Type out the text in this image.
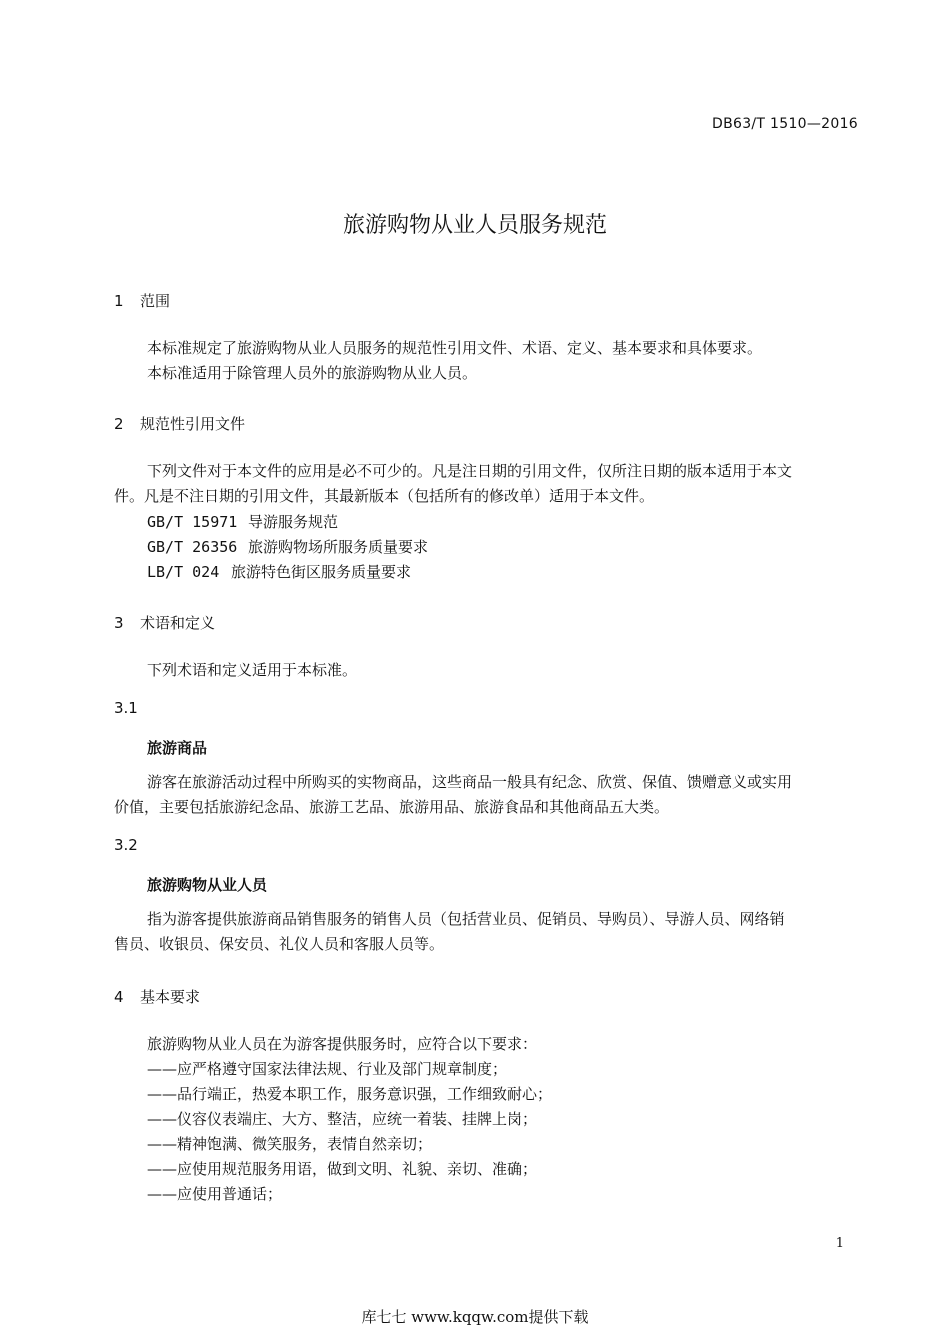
DB63/T 1510—2016
旅游购物从业人员服务规范
1 范围
本标准规定了旅游购物从业人员服务的规范性引用文件、术语、定义、基本要求和具体要求。
本标准适用于除管理人员外的旅游购物从业人员。
2 规范性引用文件
下列文件对于本文件的应用是必不可少的。凡是注日期的引用文件，仅所注日期的版本适用于本文
件。凡是不注日期的引用文件，其最新版本（包括所有的修改单）适用于本文件。
GB/T 15971 导游服务规范
GB/T 26356 旅游购物场所服务质量要求
LB/T 024 旅游特色街区服务质量要求
3 术语和定义
下列术语和定义适用于本标准。
3.1
旅游商品
游客在旅游活动过程中所购买的实物商品，这些商品一般具有纪念、欣赏、保值、馈赠意义或实用
价值，主要包括旅游纪念品、旅游工艺品、旅游用品、旅游食品和其他商品五大类。
3.2
旅游购物从业人员
指为游客提供旅游商品销售服务的销售人员（包括营业员、促销员、导购员）、导游人员、网络销
售员、收银员、保安员、礼仪人员和客服人员等。
4 基本要求
旅游购物从业人员在为游客提供服务时，应符合以下要求：
——应严格遵守国家法律法规、行业及部门规章制度；
——品行端正，热爱本职工作，服务意识强，工作细致耐心；
——仪容仪表端庄、大方、整洁，应统一着装、挂牌上岗；
——精神饱满、微笑服务，表情自然亲切；
——应使用规范服务用语，做到文明、礼貌、亲切、准确；
——应使用普通话；
1
库七七 www.kqqw.com提供下载
